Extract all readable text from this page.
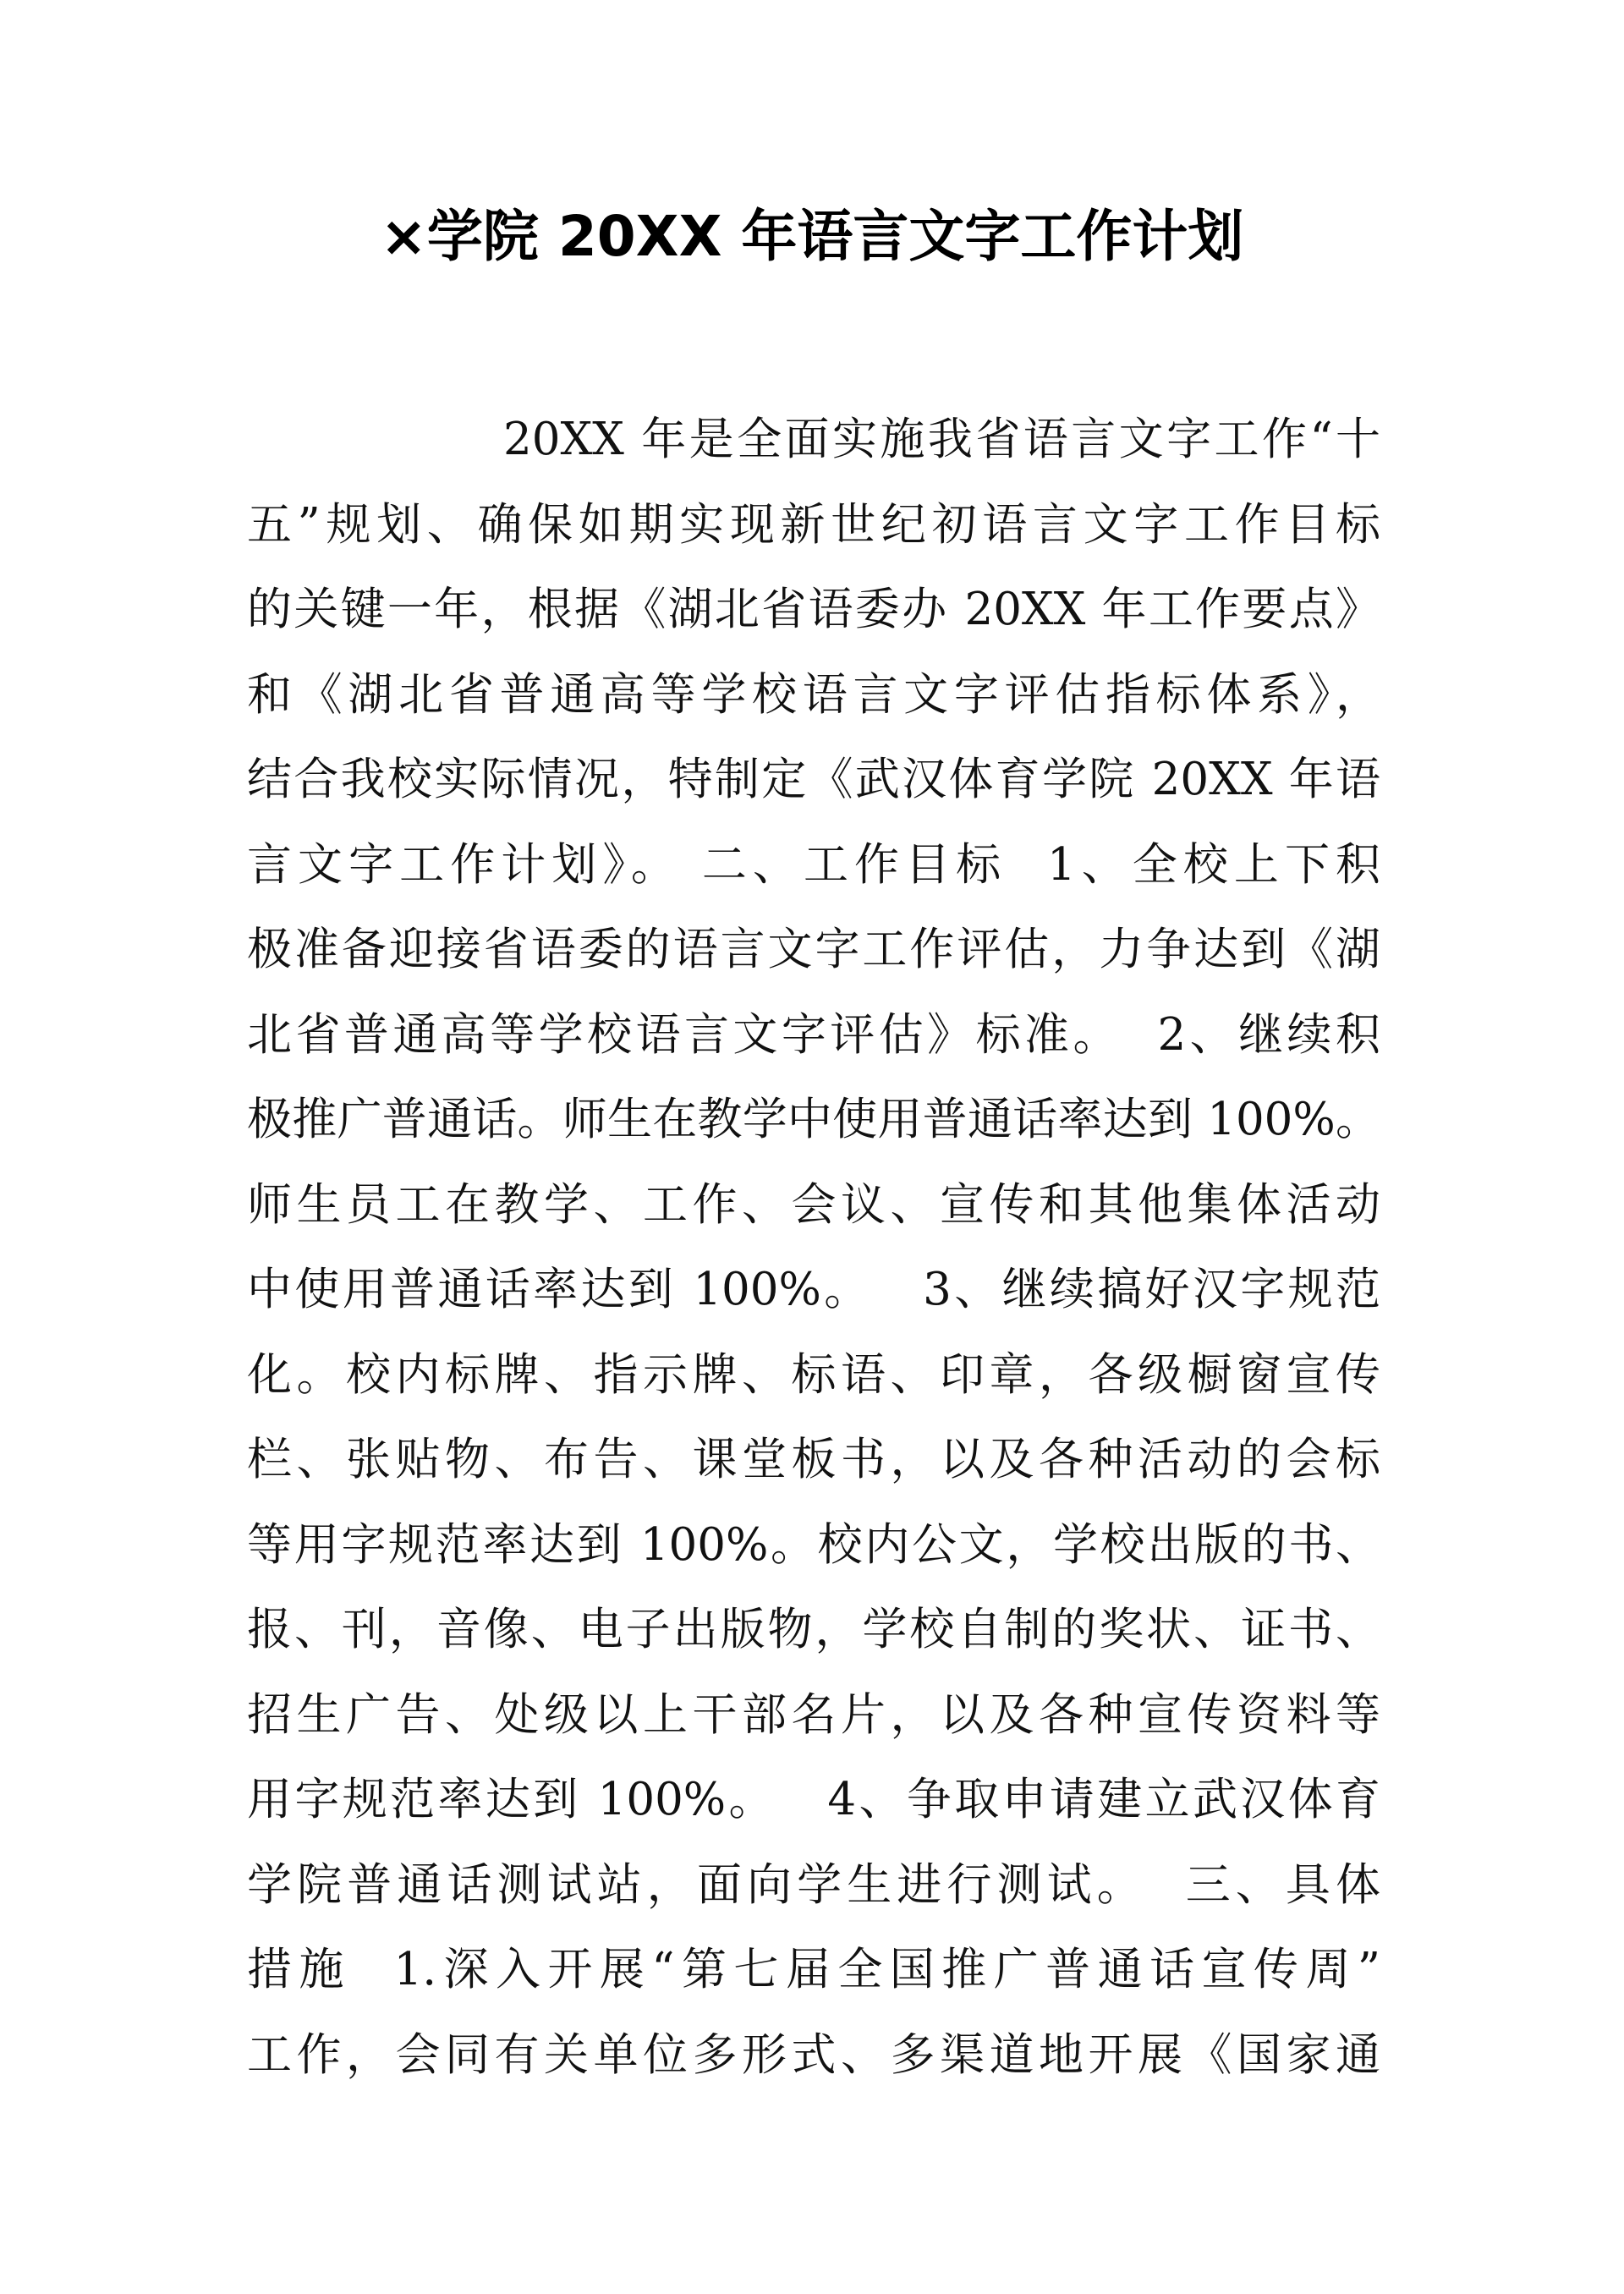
×学院 20XX 年语言文字工作计划
20XX 年是全面实施我省语言文字工作“十
五”规划、确保如期实现新世纪初语言文字工作目标
的关键一年，根据《湖北省语委办 20XX 年工作要点》
和《湖北省普通高等学校语言文字评估指标体系》，
结合我校实际情况，特制定《武汉体育学院 20XX 年语
言文字工作计划》。 二、工作目标  1、全校上下积
极准备迎接省语委的语言文字工作评估，力争达到《湖
北省普通高等学校语言文字评估》标准。  2、继续积
极推广普通话。师生在教学中使用普通话率达到 100%。
师生员工在教学、工作、会议、宣传和其他集体活动
中使用普通话率达到 100%。   3、继续搞好汉字规范
化。校内标牌、指示牌、标语、印章，各级橱窗宣传
栏、张贴物、布告、课堂板书，以及各种活动的会标
等用字规范率达到 100%。校内公文，学校出版的书、
报、刊，音像、电子出版物，学校自制的奖状、证书、
招生广告、处级以上干部名片，以及各种宣传资料等
用字规范率达到 100%。   4、争取申请建立武汉体育
学院普通话测试站，面向学生进行测试。  三、具体
措施  1.深入开展“第七届全国推广普通话宣传周”
工作，会同有关单位多形式、多渠道地开展《国家通
